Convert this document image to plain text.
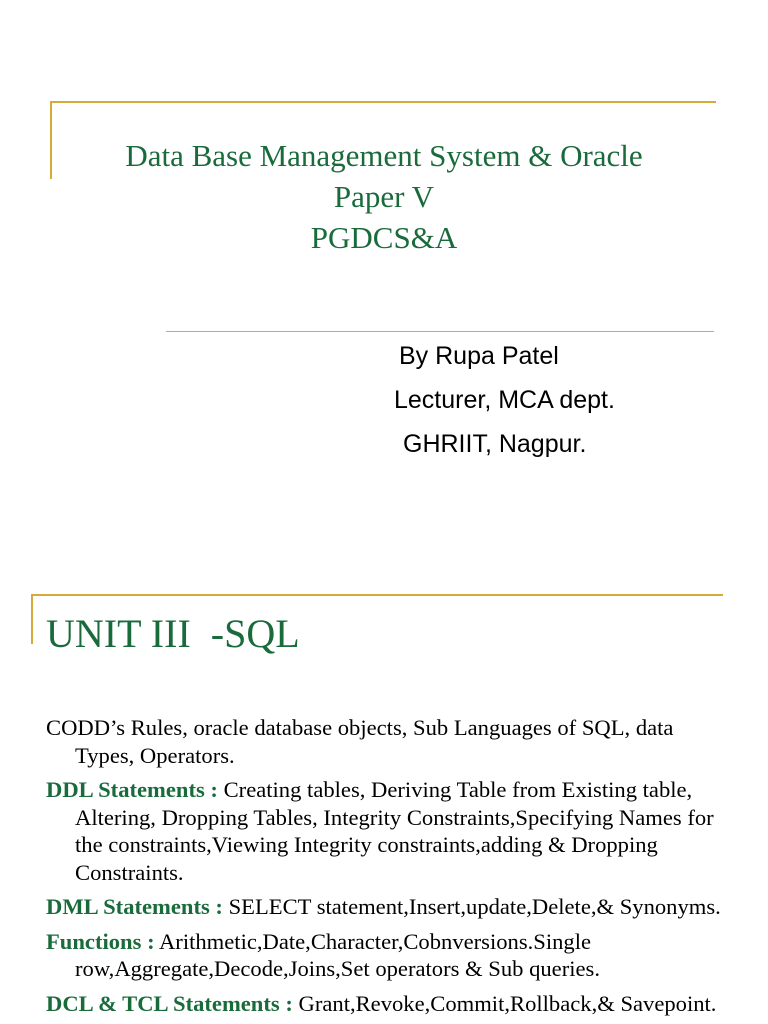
Data Base Management System & Oracle
Paper V
PGDCS&A
By Rupa Patel
Lecturer, MCA dept.
GHRIIT, Nagpur.
UNIT III  -SQL

CODD’s Rules, oracle database objects, Sub Languages of SQL, data Types, Operators.

DDL Statements : Creating tables, Deriving Table from Existing table, Altering, Dropping Tables, Integrity Constraints,Specifying Names for the constraints,Viewing Integrity constraints,adding & Dropping Constraints.

DML Statements : SELECT statement,Insert,update,Delete,& Synonyms.

Functions : Arithmetic,Date,Character,Cobnversions.Single row,Aggregate,Decode,Joins,Set operators & Sub queries.

DCL & TCL Statements : Grant,Revoke,Commit,Rollback,& Savepoint.
